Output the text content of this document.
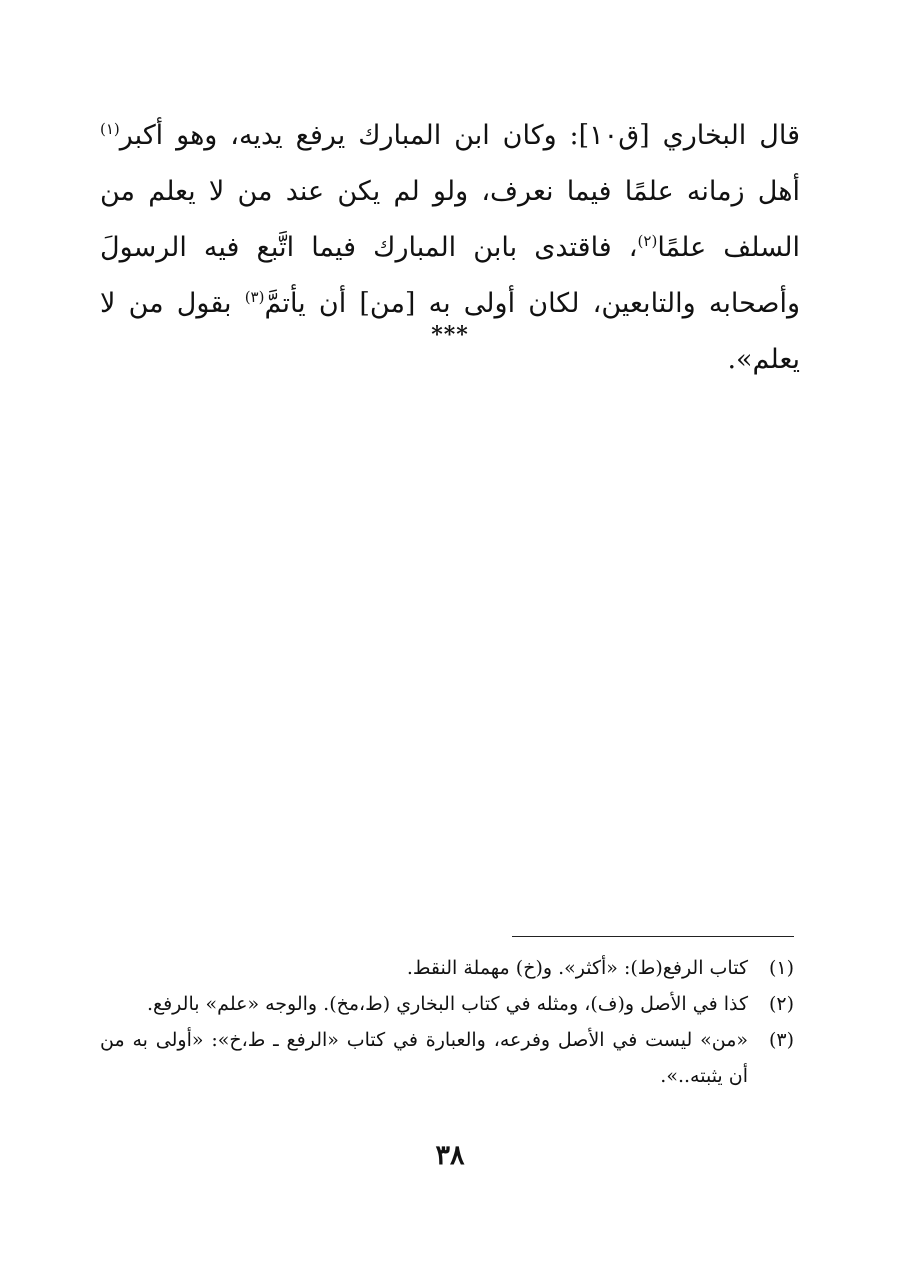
قال البخاري [ق١٠]: وكان ابن المبارك يرفع يديه، وهو أكبر$^{(١)}$ أهل زمانه علمًا فيما نعرف، ولو لم يكن عند من لا يعلم من السلف علمًا$^{(٢)}$، فاقتدى بابن المبارك فيما اتَّبع فيه الرسولَ وأصحابه والتابعين، لكان أولى به [من] أن يأتمَّ$^{(٣)}$ بقول من لا يعلم».
***
(١)
كتاب الرفع(ط): «أكثر». و(خ) مهملة النقط.
(٢)
كذا في الأصل و(ف)، ومثله في كتاب البخاري (ط،مخ). والوجه «علم» بالرفع.
(٣)
«من» ليست في الأصل وفرعه، والعبارة في كتاب «الرفع ـ ط،خ»: «أولى به من أن يثبته..».
٣٨
